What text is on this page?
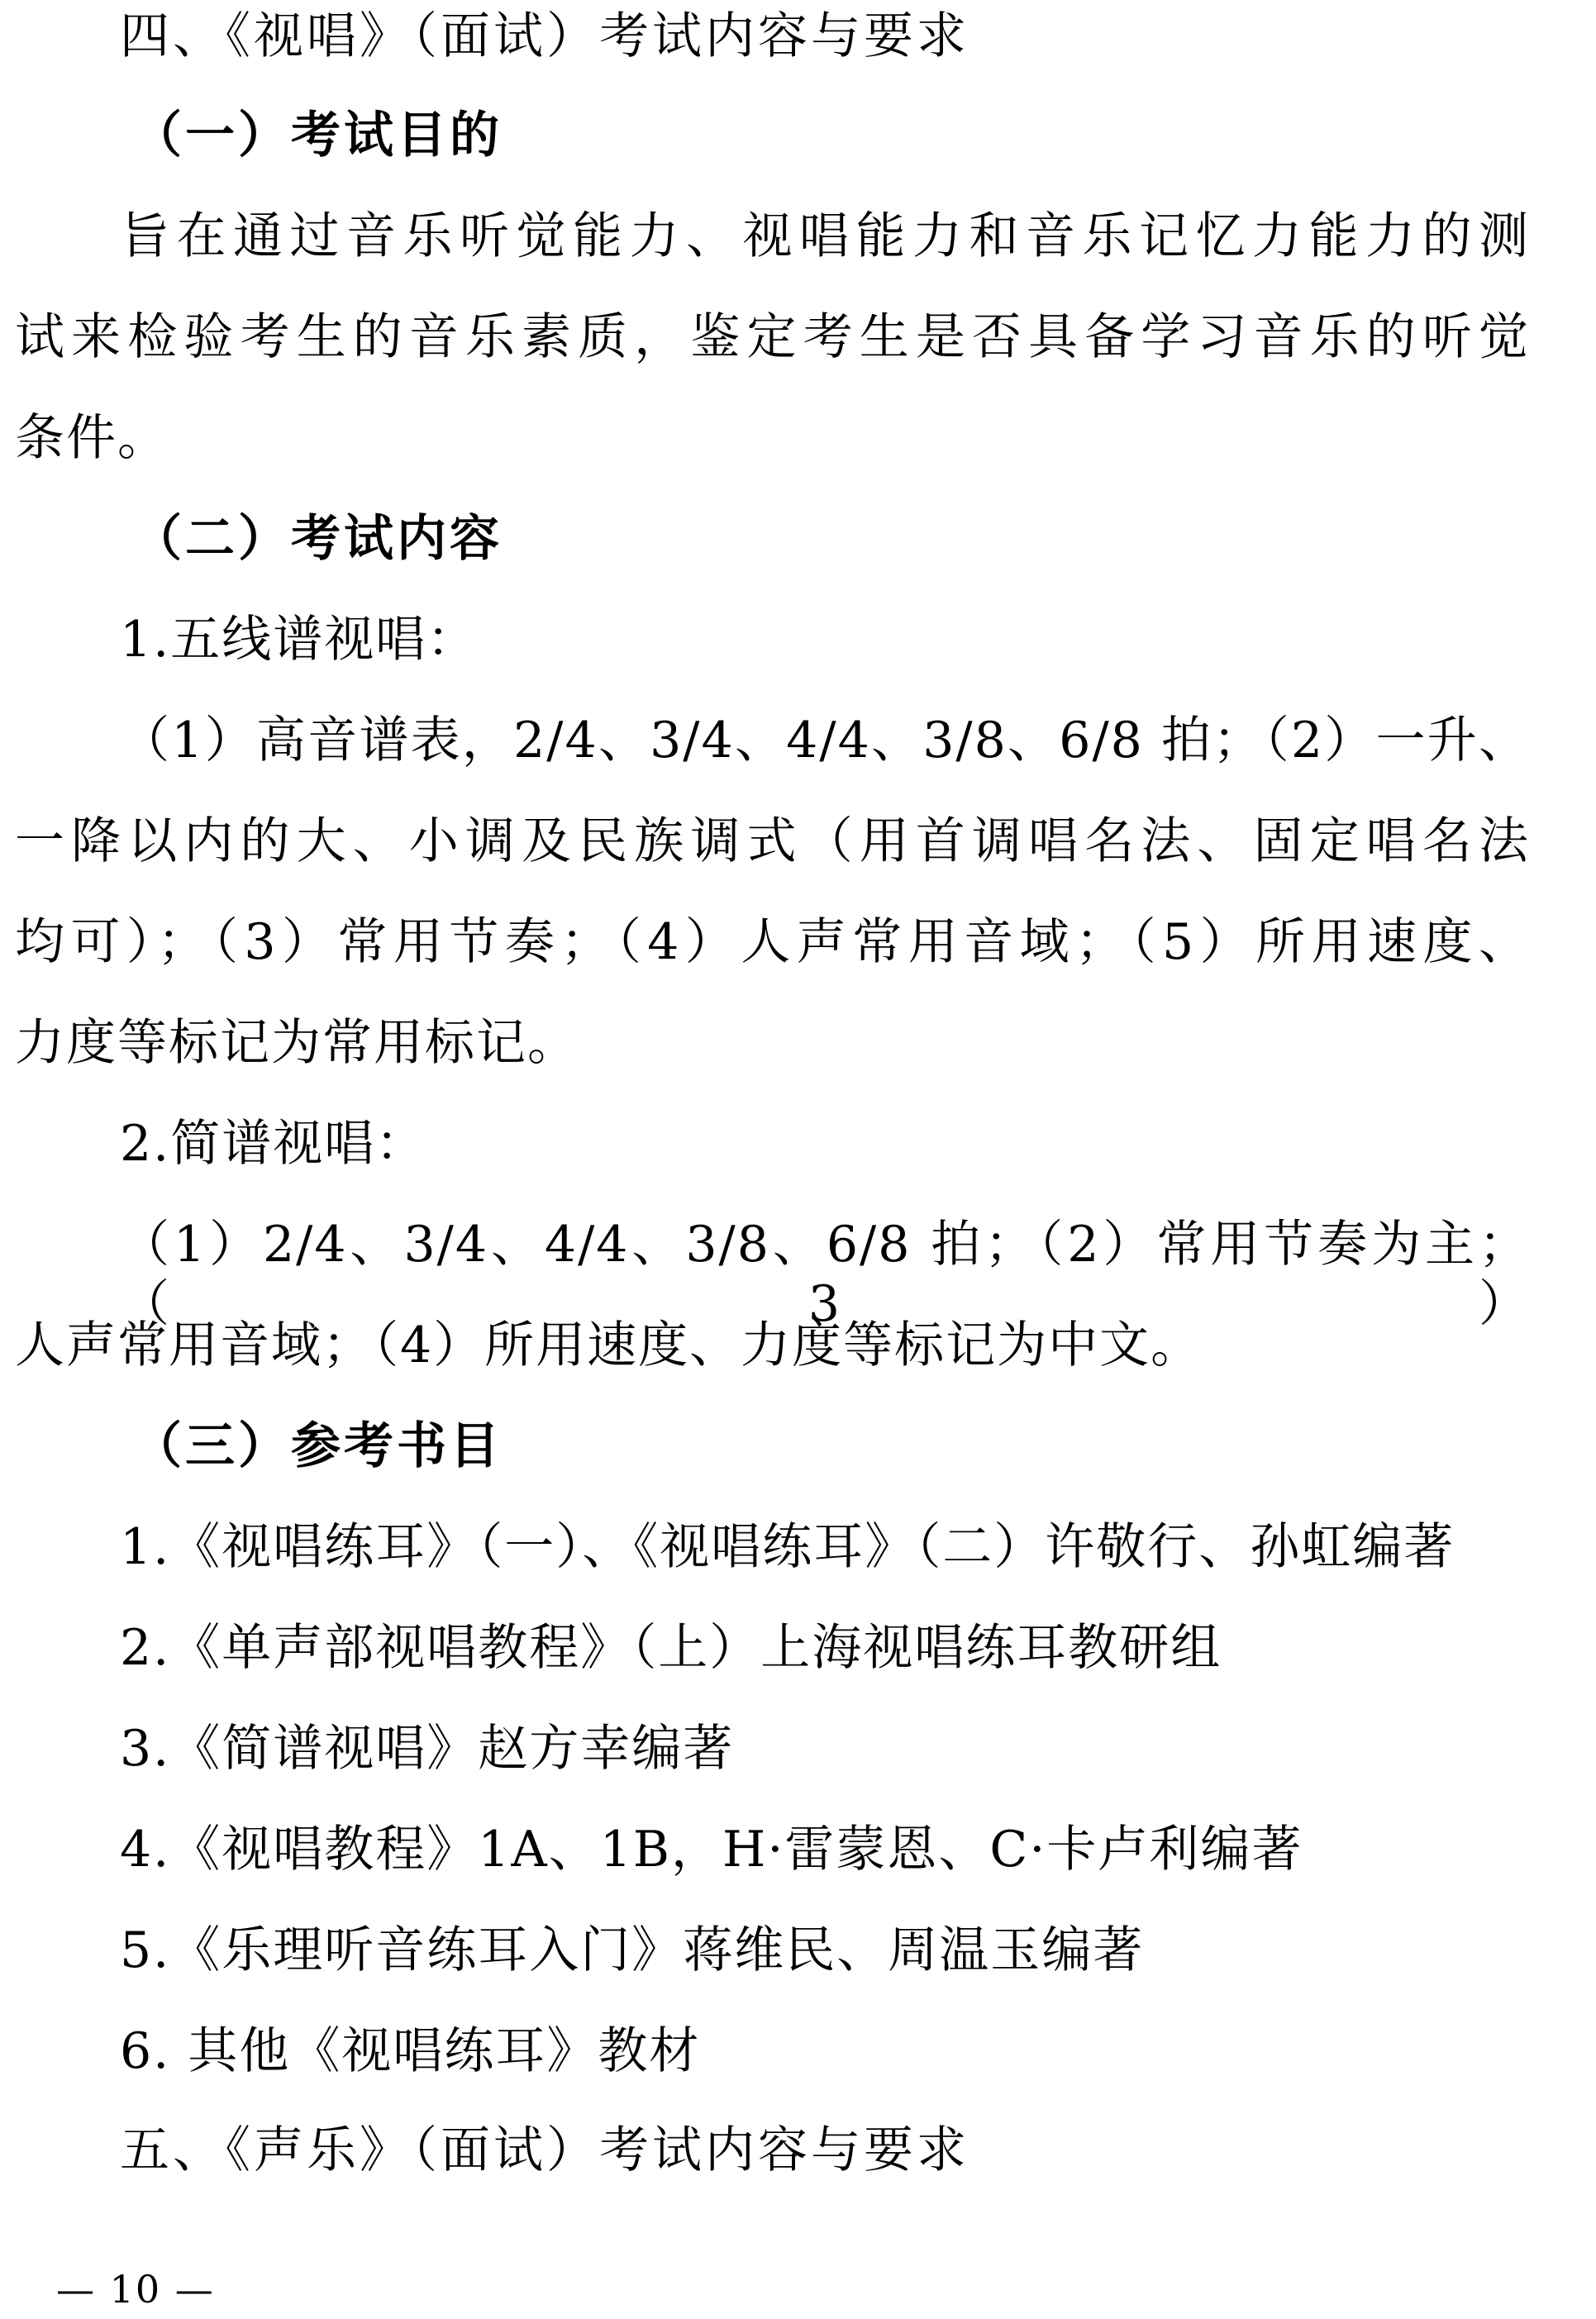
四、《视唱》（面试）考试内容与要求
（一）考试目的
旨在通过音乐听觉能力、视唱能力和音乐记忆力能力的测
试来检验考生的音乐素质，鉴定考生是否具备学习音乐的听觉
条件。
（二）考试内容
1.五线谱视唱：
（1）高音谱表，2/4、3/4、4/4、3/8、6/8 拍；（2）一升、
一降以内的大、小调及民族调式（用首调唱名法、固定唱名法
均可）；（3）常用节奏；（4）人声常用音域；（5）所用速度、
力度等标记为常用标记。
2.简谱视唱：
（1）2/4、3/4、4/4、3/8、6/8 拍；（2）常用节奏为主；（3）
人声常用音域；（4）所用速度、力度等标记为中文。
（三）参考书目
1.《视唱练耳》（一）、《视唱练耳》（二）许敬行、孙虹编著
2.《单声部视唱教程》（上）上海视唱练耳教研组
3.《简谱视唱》赵方幸编著
4.《视唱教程》1A、1B，H·雷蒙恩、C·卡卢利编著
5.《乐理听音练耳入门》蒋维民、周温玉编著
6. 其他《视唱练耳》教材
五、《声乐》（面试）考试内容与要求
— 10 —
